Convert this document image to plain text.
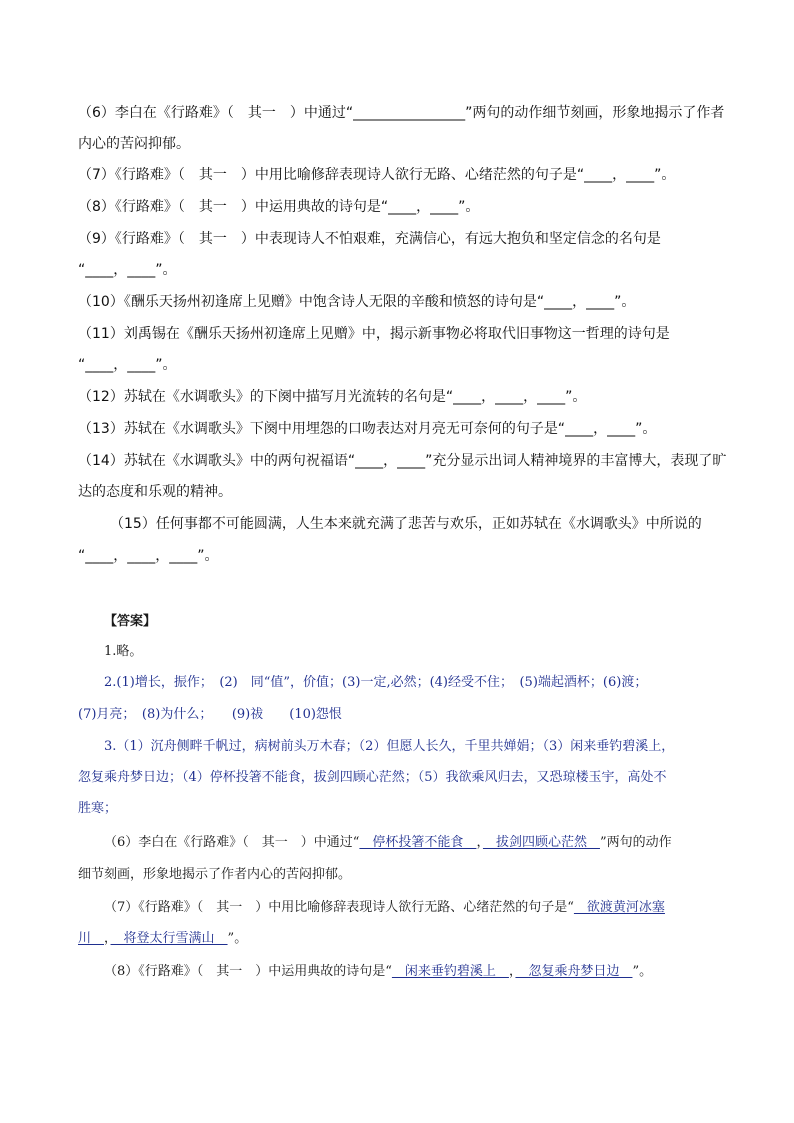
（6）李白在《行路难》（　其一　）中通过“________________”两句的动作细节刻画，形象地揭示了作者
内心的苦闷抑郁。
（7）《行路难》（　其一　）中用比喻修辞表现诗人欲行无路、心绪茫然的句子是“____，____”。
（8）《行路难》（　其一　）中运用典故的诗句是“____，____”。
（9）《行路难》（　其一　）中表现诗人不怕艰难，充满信心，有远大抱负和坚定信念的名句是
“____，____”。
（10）《酬乐天扬州初逢席上见赠》中饱含诗人无限的辛酸和愤怒的诗句是“____，____”。
（11）刘禹锡在《酬乐天扬州初逢席上见赠》中，揭示新事物必将取代旧事物这一哲理的诗句是
“____，____”。
（12）苏轼在《水调歌头》的下阕中描写月光流转的名句是“____，____，____”。
（13）苏轼在《水调歌头》下阕中用埋怨的口吻表达对月亮无可奈何的句子是“____，____”。
（14）苏轼在《水调歌头》中的两句祝福语“____，____”充分显示出词人精神境界的丰富博大，表现了旷
达的态度和乐观的精神。
（15）任何事都不可能圆满，人生本来就充满了悲苦与欢乐，正如苏轼在《水调歌头》中所说的
“____，____，____”。
【答案】
1.略。
2.(1)增长，振作；　(2)　同“值”，价值；(3)一定,必然；(4)经受不住；　(5)端起酒杯；(6)渡；
(7)月亮；　(8)为什么；　　(9)祓　　(10)怨恨
3.（1）沉舟侧畔千帆过，病树前头万木春；（2）但愿人长久，千里共婵娟；（3）闲来垂钓碧溪上，
忽复乘舟梦日边；（4）停杯投箸不能食，拔剑四顾心茫然；（5）我欲乘风归去，又恐琼楼玉宇，高处不
胜寒；
（6）李白在《行路难》（　其一　）中通过“　停杯投箸不能食　，　拔剑四顾心茫然　”两句的动作
细节刻画，形象地揭示了作者内心的苦闷抑郁。
（7）《行路难》（　其一　）中用比喻修辞表现诗人欲行无路、心绪茫然的句子是“　欲渡黄河冰塞
川　，　将登太行雪满山　”。
（8）《行路难》（　其一　）中运用典故的诗句是“　闲来垂钓碧溪上　，　忽复乘舟梦日边　”。
